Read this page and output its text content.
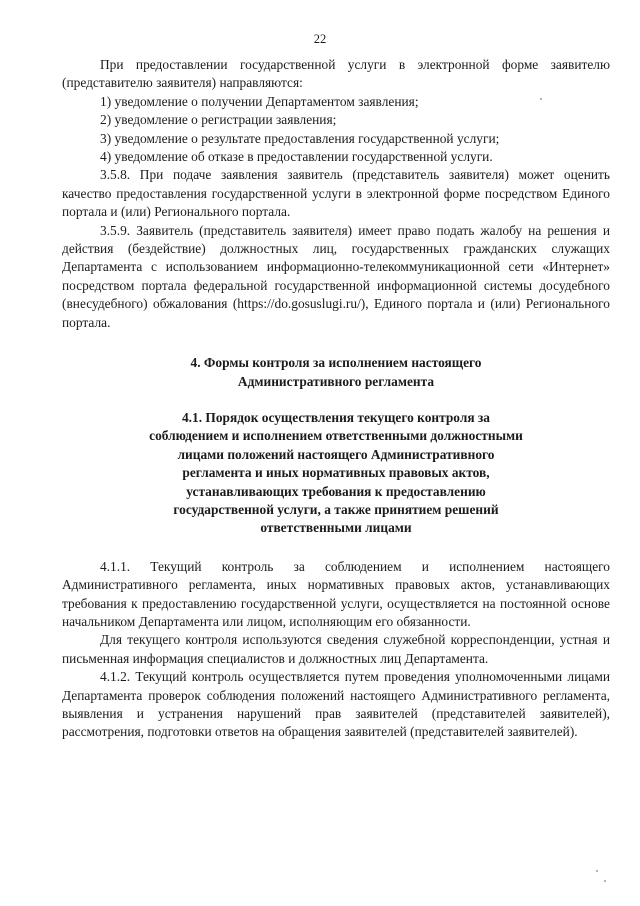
22

При предоставлении государственной услуги в электронной форме заявителю (представителю заявителя) направляются:

1) уведомление о получении Департаментом заявления;

2) уведомление о регистрации заявления;

3) уведомление о результате предоставления государственной услуги;

4) уведомление об отказе в предоставлении государственной услуги.

3.5.8. При подаче заявления заявитель (представитель заявителя) может оценить качество предоставления государственной услуги в электронной форме посредством Единого портала и (или) Регионального портала.

3.5.9. Заявитель (представитель заявителя) имеет право подать жалобу на решения и действия (бездействие) должностных лиц, государственных гражданских служащих Департамента с использованием информационно-телекоммуникационной сети «Интернет» посредством портала федеральной государственной информационной системы досудебного (внесудебного) обжалования (https://do.gosuslugi.ru/), Единого портала и (или) Регионального портала.

4. Формы контроля за исполнением настоящего Административного регламента
4.1. Порядок осуществления текущего контроля за соблюдением и исполнением ответственными должностными лицами положений настоящего Административного регламента и иных нормативных правовых актов, устанавливающих требования к предоставлению государственной услуги, а также принятием решений ответственными лицами

4.1.1. Текущий контроль за соблюдением и исполнением настоящего Административного регламента, иных нормативных правовых актов, устанавливающих требования к предоставлению государственной услуги, осуществляется на постоянной основе начальником Департамента или лицом, исполняющим его обязанности.

Для текущего контроля используются сведения служебной корреспонденции, устная и письменная информация специалистов и должностных лиц Департамента.

4.1.2. Текущий контроль осуществляется путем проведения уполномоченными лицами Департамента проверок соблюдения положений настоящего Административного регламента, выявления и устранения нарушений прав заявителей (представителей заявителей), рассмотрения, подготовки ответов на обращения заявителей (представителей заявителей).
